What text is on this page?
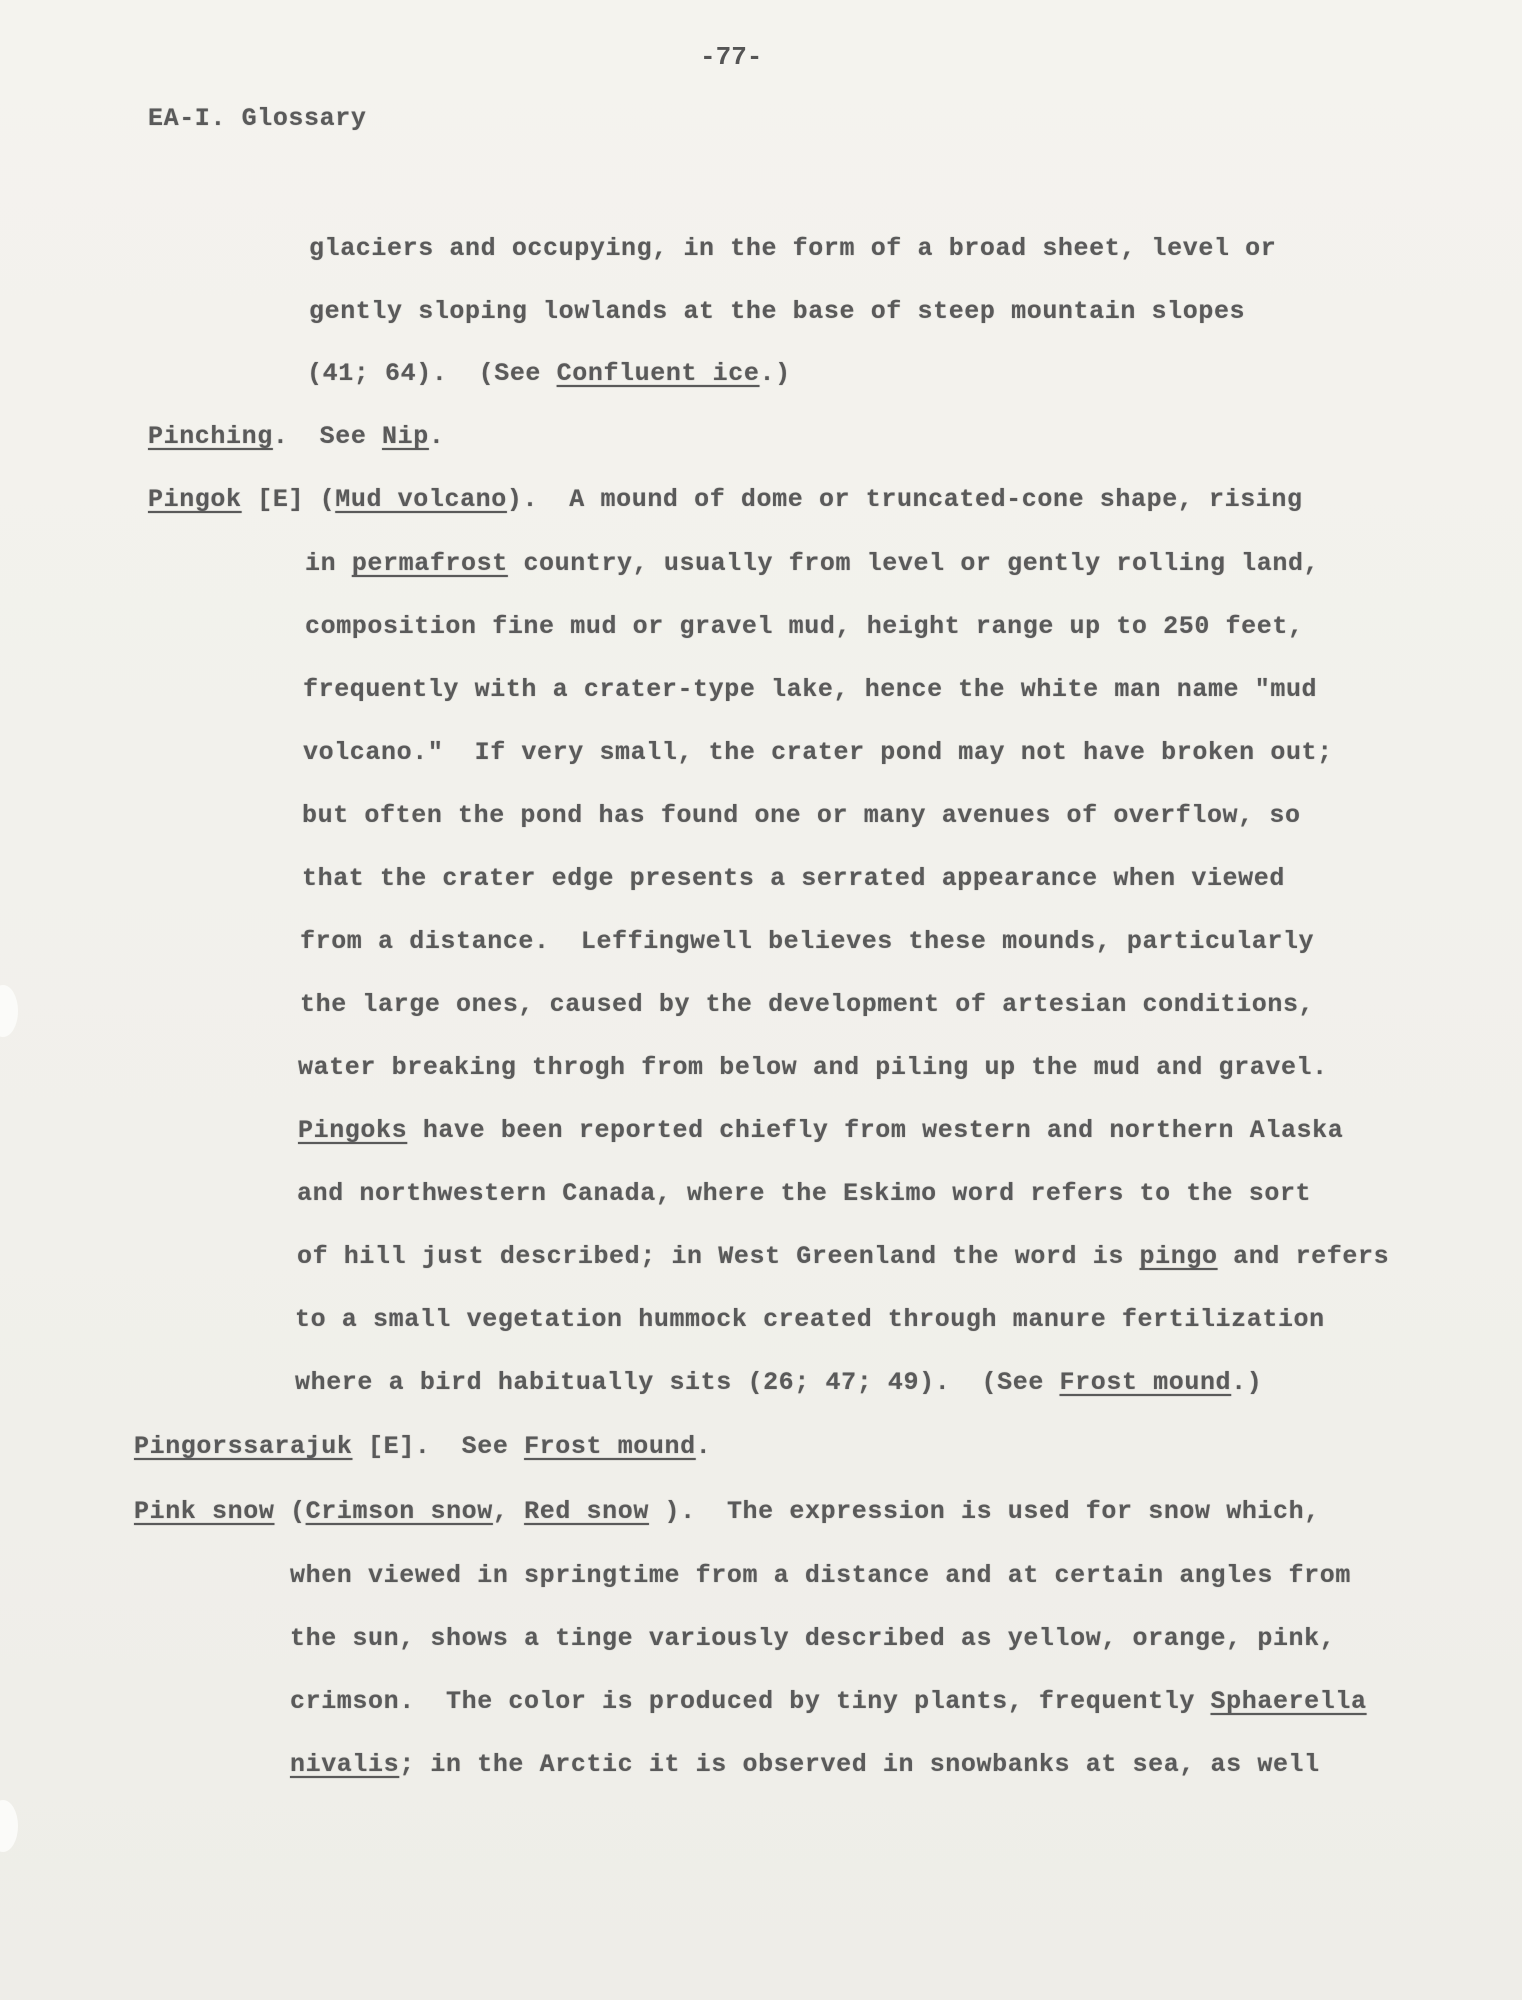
-77-
EA-I. Glossary
glaciers and occupying, in the form of a broad sheet, level or
gently sloping lowlands at the base of steep mountain slopes
(41; 64).  (See Confluent ice.)
Pinching.  See Nip.
Pingok [E] (Mud volcano).  A mound of dome or truncated-cone shape, rising
in permafrost country, usually from level or gently rolling land,
composition fine mud or gravel mud, height range up to 250 feet,
frequently with a crater-type lake, hence the white man name "mud
volcano."  If very small, the crater pond may not have broken out;
but often the pond has found one or many avenues of overflow, so
that the crater edge presents a serrated appearance when viewed
from a distance.  Leffingwell believes these mounds, particularly
the large ones, caused by the development of artesian conditions,
water breaking throgh from below and piling up the mud and gravel.
Pingoks have been reported chiefly from western and northern Alaska
and northwestern Canada, where the Eskimo word refers to the sort
of hill just described; in West Greenland the word is pingo and refers
to a small vegetation hummock created through manure fertilization
where a bird habitually sits (26; 47; 49).  (See Frost mound.)
Pingorssarajuk [E].  See Frost mound.
Pink snow (Crimson snow, Red snow ).  The expression is used for snow which,
when viewed in springtime from a distance and at certain angles from
the sun, shows a tinge variously described as yellow, orange, pink,
crimson.  The color is produced by tiny plants, frequently Sphaerella
nivalis; in the Arctic it is observed in snowbanks at sea, as well
